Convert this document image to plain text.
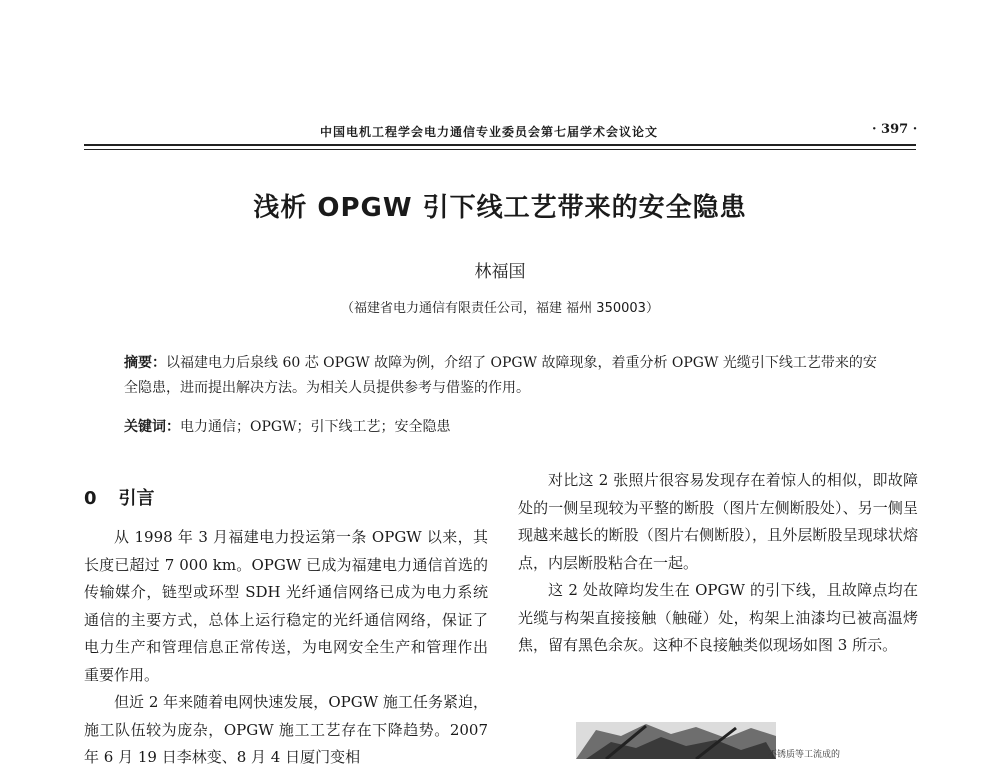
中国电机工程学会电力通信专业委员会第七届学术会议论文	· 397 ·
浅析 OPGW 引下线工艺带来的安全隐患
林福国
（福建省电力通信有限责任公司，福建 福州 350003）
摘要：以福建电力后泉线 60 芯 OPGW 故障为例，介绍了 OPGW 故障现象，着重分析 OPGW 光缆引下线工艺带来的安全隐患，进而提出解决方法。为相关人员提供参考与借鉴的作用。
关键词：电力通信；OPGW；引下线工艺；安全隐患
0 引言

从 1998 年 3 月福建电力投运第一条 OPGW 以来，其长度已超过 7 000 km。OPGW 已成为福建电力通信首选的传输媒介，链型或环型 SDH 光纤通信网络已成为电力系统通信的主要方式，总体上运行稳定的光纤通信网络，保证了电力生产和管理信息正常传送，为电网安全生产和管理作出重要作用。

但近 2 年来随着电网快速发展，OPGW 施工任务紧迫，施工队伍较为庞杂，OPGW 施工工艺存在下降趋势。2007 年 6 月 19 日李林变、8 月 4 日厦门变相

对比这 2 张照片很容易发现存在着惊人的相似，即故障处的一侧呈现较为平整的断股（图片左侧断股处）、另一侧呈现越来越长的断股（图片右侧断股），且外层断股呈现球状熔点，内层断股粘合在一起。

这 2 处故障均发生在 OPGW 的引下线，且故障点均在光缆与构架直接接触（触碰）处，构架上油漆均已被高温烤焦，留有黑色余灰。这种不良接触类似现场如图 3 所示。

不锈质等工流成的
